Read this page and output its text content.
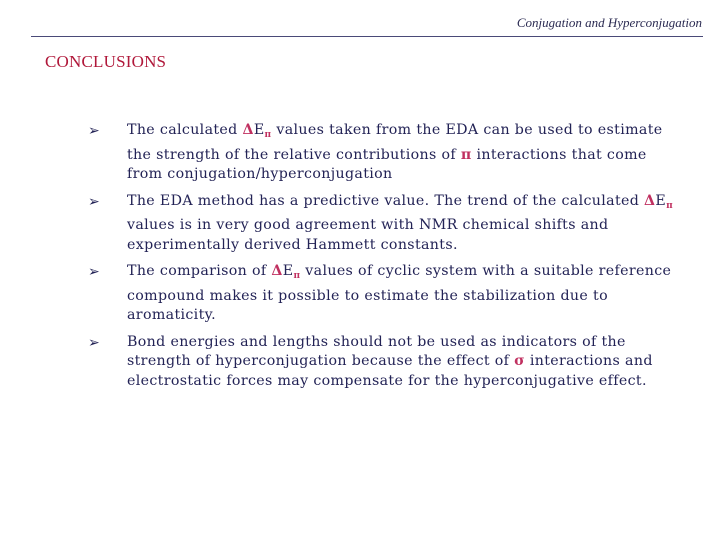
Conjugation and Hyperconjugation
CONCLUSIONS
➢ The calculated $\Delta E_\pi$ values taken from the EDA can be used to estimate the strength of the relative contributions of π interactions that come from conjugation/hyperconjugation
➢ The EDA method has a predictive value. The trend of the calculated $\Delta E_\pi$ values is in very good agreement with NMR chemical shifts and experimentally derived Hammett constants.
➢ The comparison of $\Delta E_\pi$ values of cyclic system with a suitable reference compound makes it possible to estimate the stabilization due to aromaticity.
➢ Bond energies and lengths should not be used as indicators of the strength of hyperconjugation because the effect of σ interactions and electrostatic forces may compensate for the hyperconjugative effect.
